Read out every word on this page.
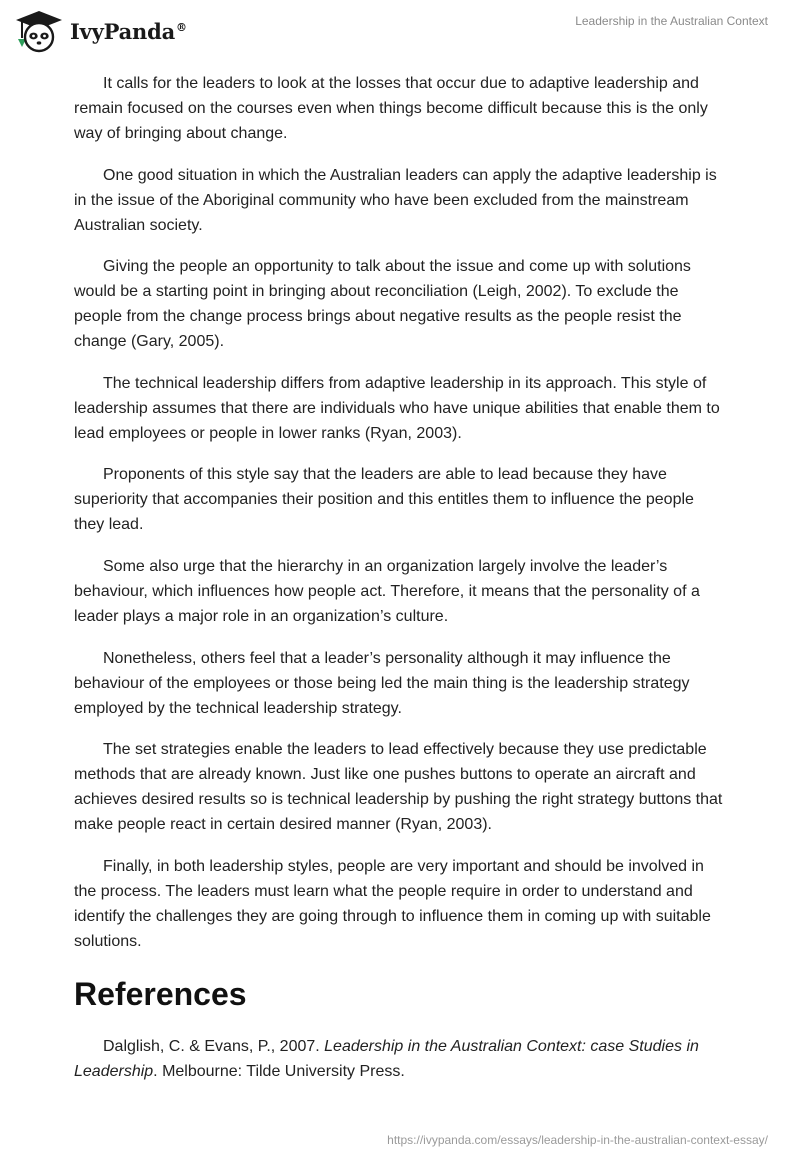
IvyPanda®	Leadership in the Australian Context

It calls for the leaders to look at the losses that occur due to adaptive leadership and remain focused on the courses even when things become difficult because this is the only way of bringing about change.

One good situation in which the Australian leaders can apply the adaptive leadership is in the issue of the Aboriginal community who have been excluded from the mainstream Australian society.

Giving the people an opportunity to talk about the issue and come up with solutions would be a starting point in bringing about reconciliation (Leigh, 2002). To exclude the people from the change process brings about negative results as the people resist the change (Gary, 2005).

The technical leadership differs from adaptive leadership in its approach. This style of leadership assumes that there are individuals who have unique abilities that enable them to lead employees or people in lower ranks (Ryan, 2003).

Proponents of this style say that the leaders are able to lead because they have superiority that accompanies their position and this entitles them to influence the people they lead.

Some also urge that the hierarchy in an organization largely involve the leader’s behaviour, which influences how people act. Therefore, it means that the personality of a leader plays a major role in an organization’s culture.

Nonetheless, others feel that a leader’s personality although it may influence the behaviour of the employees or those being led the main thing is the leadership strategy employed by the technical leadership strategy.

The set strategies enable the leaders to lead effectively because they use predictable methods that are already known. Just like one pushes buttons to operate an aircraft and achieves desired results so is technical leadership by pushing the right strategy buttons that make people react in certain desired manner (Ryan, 2003).

Finally, in both leadership styles, people are very important and should be involved in the process. The leaders must learn what the people require in order to understand and identify the challenges they are going through to influence them in coming up with suitable solutions.

References

Dalglish, C. & Evans, P., 2007. Leadership in the Australian Context: case Studies in Leadership. Melbourne: Tilde University Press.

https://ivypanda.com/essays/leadership-in-the-australian-context-essay/
